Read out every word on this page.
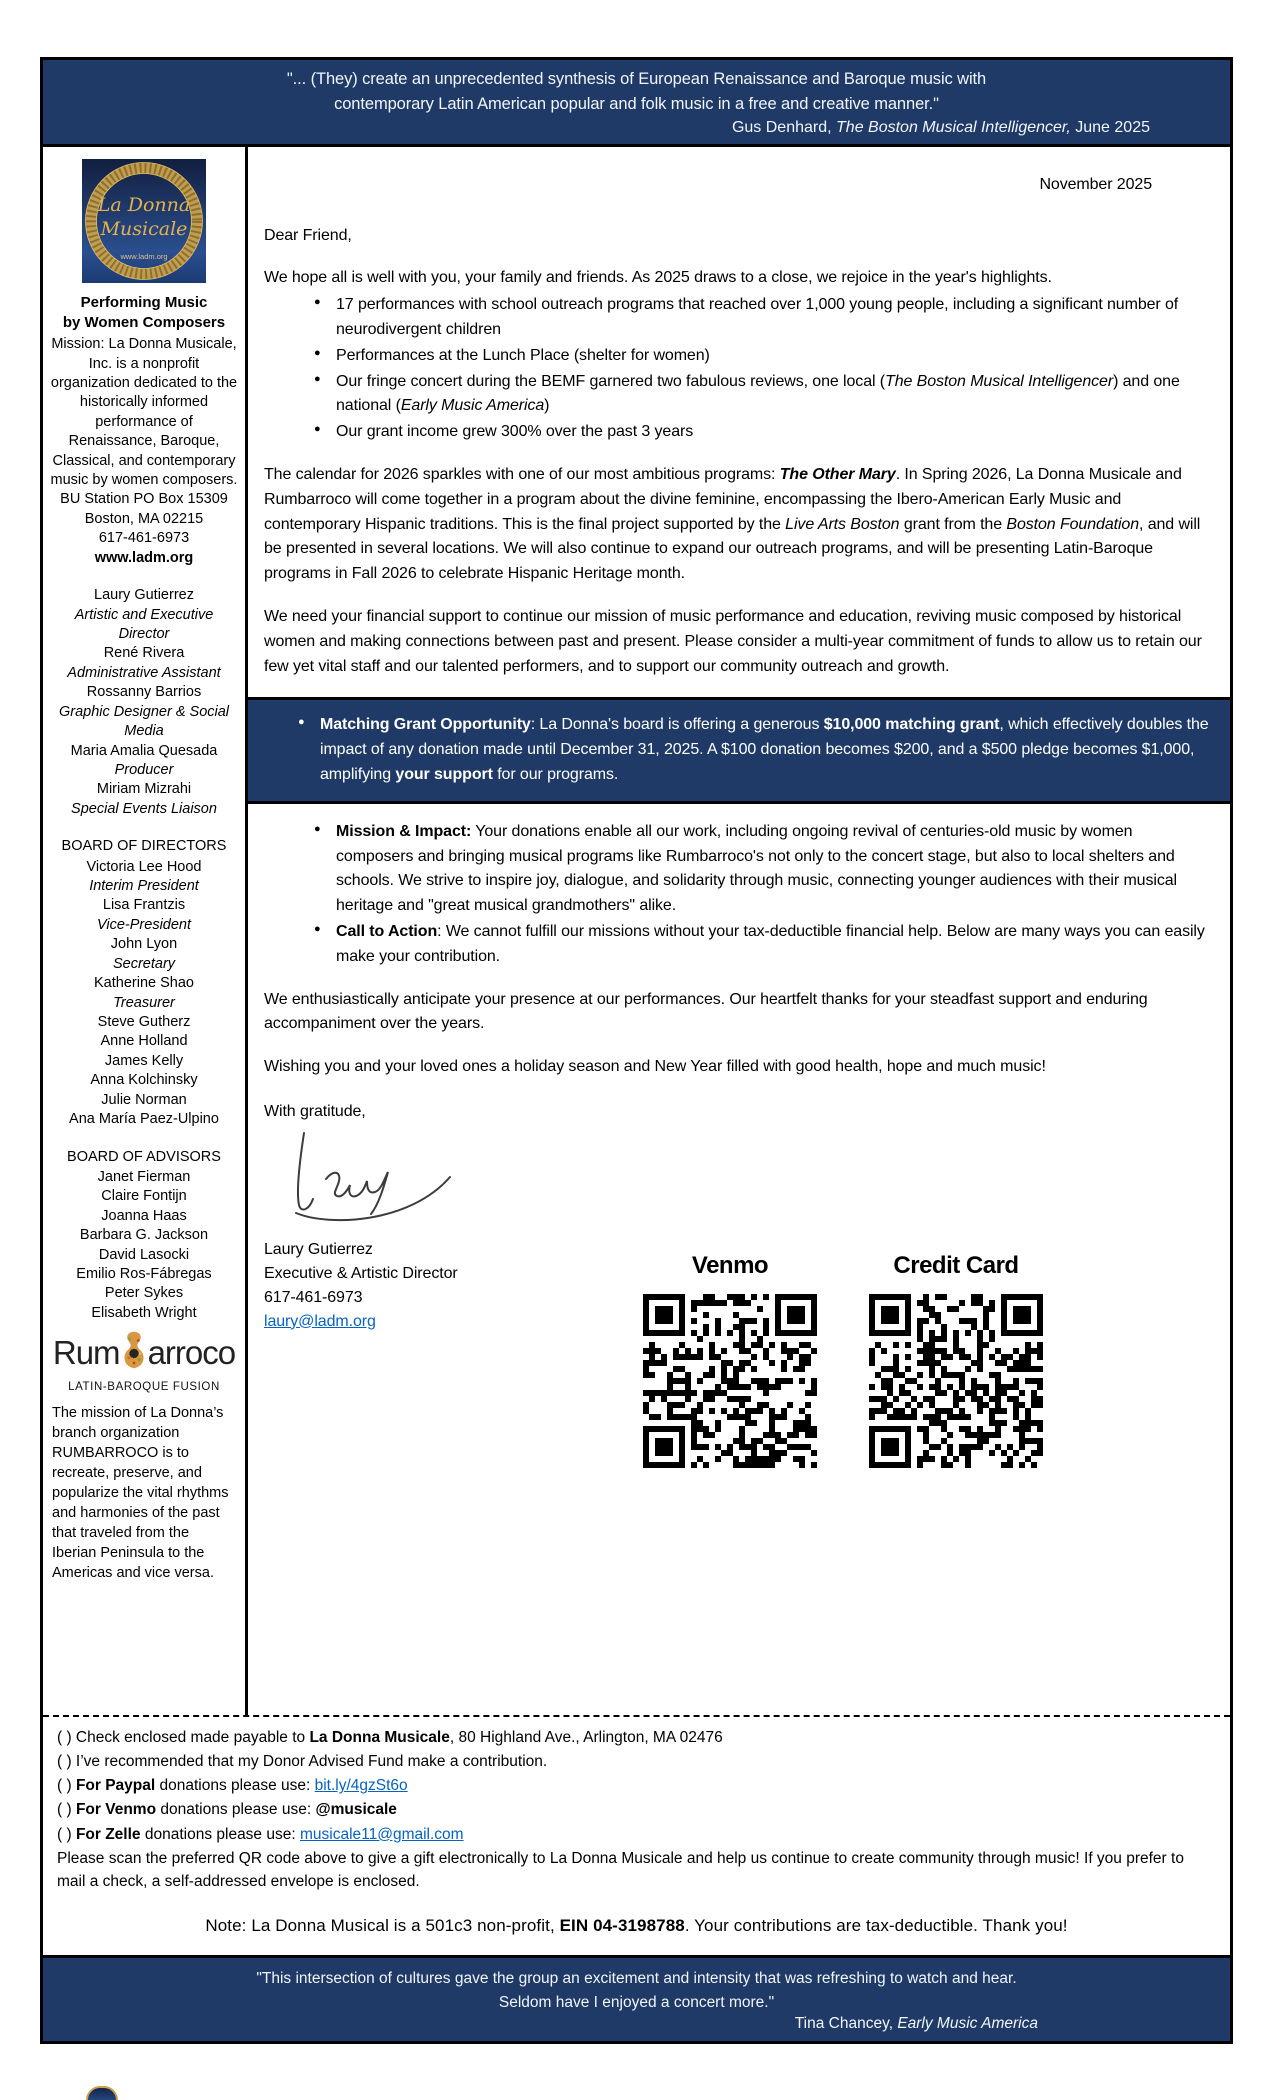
"... (They) create an unprecedented synthesis of European Renaissance and Baroque music with
contemporary Latin American popular and folk music in a free and creative manner."
Gus Denhard, The Boston Musical Intelligencer, June 2025
La Donna
Musicale
www.ladm.org
Performing Music
by Women Composers
Mission: La Donna Musicale, Inc. is a nonprofit organization dedicated to the historically informed performance of Renaissance, Baroque, Classical, and contemporary music by women composers.
BU Station PO Box 15309
Boston, MA 02215
617-461-6973
www.ladm.org
Laury Gutierrez
Artistic and Executive Director
René Rivera
Administrative Assistant
Rossanny Barrios
Graphic Designer & Social Media
Maria Amalia Quesada
Producer
Miriam Mizrahi
Special Events Liaison
BOARD OF DIRECTORS
Victoria Lee Hood
Interim President
Lisa Frantzis
Vice-President
John Lyon
Secretary
Katherine Shao
Treasurer
Steve Gutherz
Anne Holland
James Kelly
Anna Kolchinsky
Julie Norman
Ana María Paez-Ulpino
BOARD OF ADVISORS
Janet Fierman
Claire Fontijn
Joanna Haas
Barbara G. Jackson
David Lasocki
Emilio Ros-Fábregas
Peter Sykes
Elisabeth Wright
Rum arroco
LATIN-BAROQUE FUSION
The mission of La Donna’s branch organization RUMBARROCO is to recreate, preserve, and popularize the vital rhythms and harmonies of the past that traveled from the Iberian Peninsula to the Americas and vice versa.
November 2025
Dear Friend,
We hope all is well with you, your family and friends. As 2025 draws to a close, we rejoice in the year's highlights.
● 17 performances with school outreach programs that reached over 1,000 young people, including a significant number of neurodivergent children
● Performances at the Lunch Place (shelter for women)
● Our fringe concert during the BEMF garnered two fabulous reviews, one local (The Boston Musical Intelligencer) and one national (Early Music America)
● Our grant income grew 300% over the past 3 years
The calendar for 2026 sparkles with one of our most ambitious programs: The Other Mary. In Spring 2026, La Donna Musicale and Rumbarroco will come together in a program about the divine feminine, encompassing the Ibero-American Early Music and contemporary Hispanic traditions. This is the final project supported by the Live Arts Boston grant from the Boston Foundation, and will be presented in several locations. We will also continue to expand our outreach programs, and will be presenting Latin-Baroque programs in Fall 2026 to celebrate Hispanic Heritage month.
We need your financial support to continue our mission of music performance and education, reviving music composed by historical women and making connections between past and present. Please consider a multi-year commitment of funds to allow us to retain our few yet vital staff and our talented performers, and to support our community outreach and growth.
● Matching Grant Opportunity: La Donna's board is offering a generous $10,000 matching grant, which effectively doubles the impact of any donation made until December 31, 2025. A $100 donation becomes $200, and a $500 pledge becomes $1,000, amplifying your support for our programs.
● Mission & Impact: Your donations enable all our work, including ongoing revival of centuries-old music by women composers and bringing musical programs like Rumbarroco's not only to the concert stage, but also to local shelters and schools. We strive to inspire joy, dialogue, and solidarity through music, connecting younger audiences with their musical heritage and "great musical grandmothers" alike.
● Call to Action: We cannot fulfill our missions without your tax-deductible financial help. Below are many ways you can easily make your contribution.
We enthusiastically anticipate your presence at our performances. Our heartfelt thanks for your steadfast support and enduring accompaniment over the years.
Wishing you and your loved ones a holiday season and New Year filled with good health, hope and much music!
With gratitude,
Laury Gutierrez
Executive & Artistic Director
617-461-6973
laury@ladm.org
Venmo	Credit Card
( ) Check enclosed made payable to La Donna Musicale, 80 Highland Ave., Arlington, MA 02476
( ) I’ve recommended that my Donor Advised Fund make a contribution.
( ) For Paypal donations please use: bit.ly/4gzSt6o
( ) For Venmo donations please use: @musicale
( ) For Zelle donations please use: musicale11@gmail.com
Please scan the preferred QR code above to give a gift electronically to La Donna Musicale and help us continue to create community through music! If you prefer to mail a check, a self-addressed envelope is enclosed.
Note: La Donna Musical is a 501c3 non-profit, EIN 04-3198788. Your contributions are tax-deductible. Thank you!
"This intersection of cultures gave the group an excitement and intensity that was refreshing to watch and hear.
Seldom have I enjoyed a concert more."
Tina Chancey, Early Music America
